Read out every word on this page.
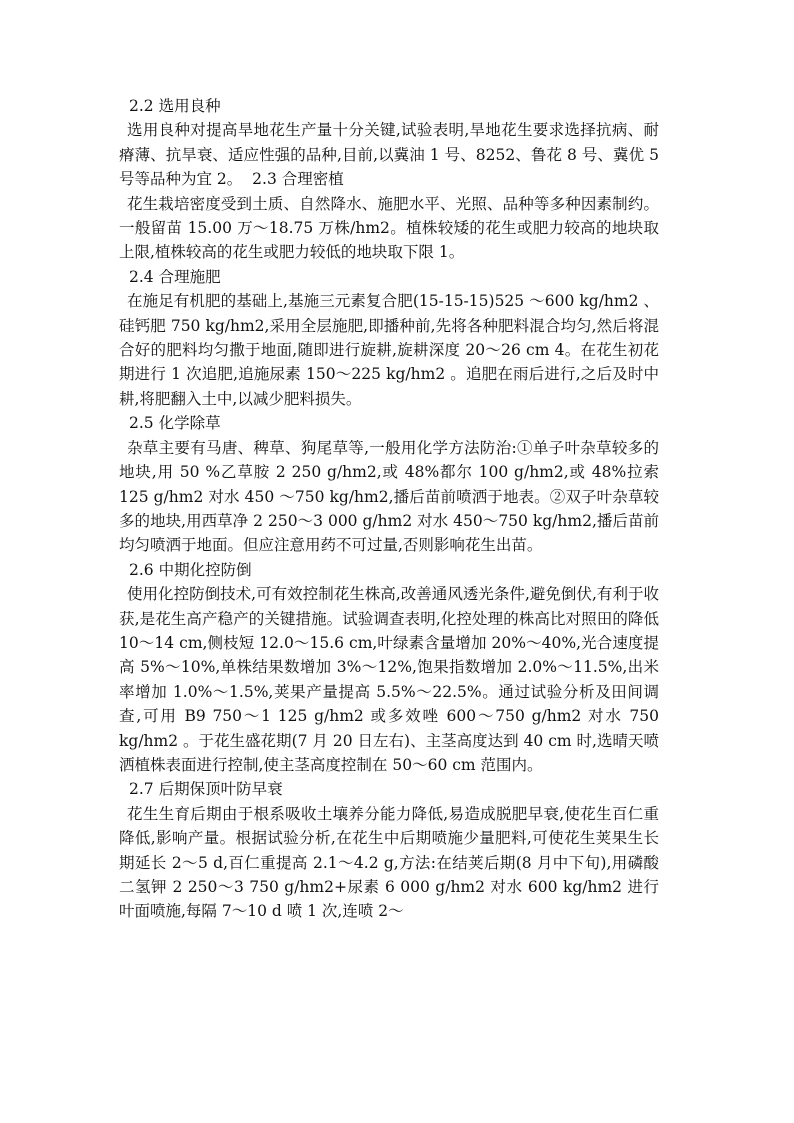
2.2 选用良种

选用良种对提高旱地花生产量十分关键,试验表明,旱地花生要求选择抗病、耐瘠薄、抗旱衰、适应性强的品种,目前,以冀油 1 号、8252、鲁花 8 号、冀优 5 号等品种为宜 2。 2.3 合理密植

花生栽培密度受到土质、自然降水、施肥水平、光照、品种等多种因素制约。一般留苗 15.00 万～18.75 万株/hm2。植株较矮的花生或肥力较高的地块取上限,植株较高的花生或肥力较低的地块取下限 1。

2.4 合理施肥

在施足有机肥的基础上,基施三元素复合肥(15-15-15)525 ～600 kg/hm2 、硅钙肥 750 kg/hm2,采用全层施肥,即播种前,先将各种肥料混合均匀,然后将混合好的肥料均匀撒于地面,随即进行旋耕,旋耕深度 20～26 cm 4。在花生初花期进行 1 次追肥,追施尿素 150～225 kg/hm2 。追肥在雨后进行,之后及时中耕,将肥翻入土中,以减少肥料损失。

2.5 化学除草

杂草主要有马唐、稗草、狗尾草等,一般用化学方法防治:①单子叶杂草较多的地块,用 50 %乙草胺 2 250 g/hm2,或 48%都尔 100 g/hm2,或 48%拉索 125 g/hm2 对水 450 ～750 kg/hm2,播后苗前喷洒于地表。②双子叶杂草较多的地块,用西草净 2 250～3 000 g/hm2 对水 450～750 kg/hm2,播后苗前均匀喷洒于地面。但应注意用药不可过量,否则影响花生出苗。

2.6 中期化控防倒

使用化控防倒技术,可有效控制花生株高,改善通风透光条件,避免倒伏,有利于收获,是花生高产稳产的关键措施。试验调查表明,化控处理的株高比对照田的降低 10～14 cm,侧枝短 12.0～15.6 cm,叶绿素含量增加 20%～40%,光合速度提高 5%～10%,单株结果数增加 3%～12%,饱果指数增加 2.0%～11.5%,出米率增加 1.0%～1.5%,荚果产量提高 5.5%～22.5%。通过试验分析及田间调查,可用 B9 750～1 125 g/hm2 或多效唑 600～750 g/hm2 对水 750 kg/hm2 。于花生盛花期(7 月 20 日左右)、主茎高度达到 40 cm 时,选晴天喷洒植株表面进行控制,使主茎高度控制在 50～60 cm 范围内。

2.7 后期保顶叶防早衰

花生生育后期由于根系吸收土壤养分能力降低,易造成脱肥早衰,使花生百仁重降低,影响产量。根据试验分析,在花生中后期喷施少量肥料,可使花生荚果生长期延长 2～5 d,百仁重提高 2.1～4.2 g,方法:在结荚后期(8 月中下旬),用磷酸二氢钾 2 250～3 750 g/hm2+尿素 6 000 g/hm2 对水 600 kg/hm2 进行叶面喷施,每隔 7～10 d 喷 1 次,连喷 2～
